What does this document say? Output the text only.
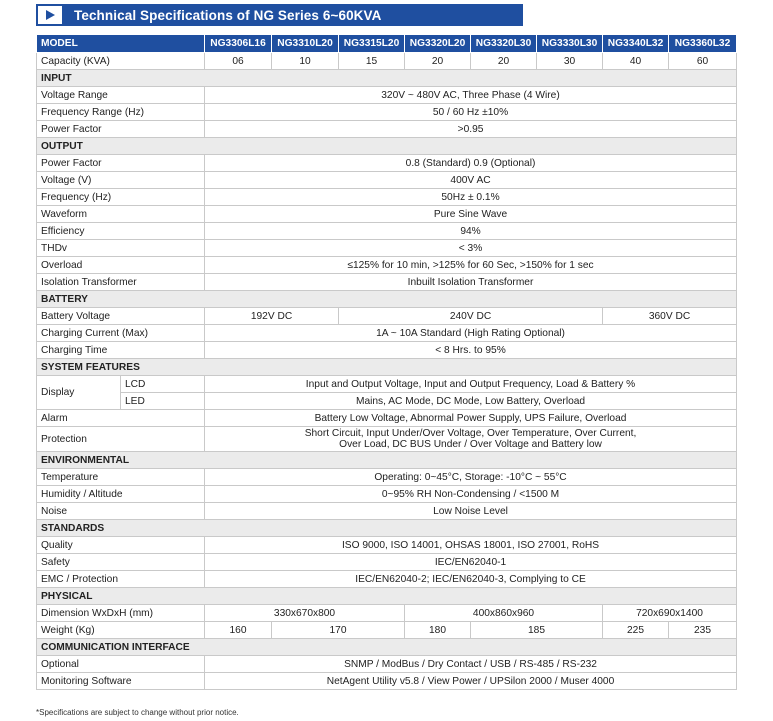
Technical Specifications of NG Series 6~60KVA
MODEL		NG3306L16	NG3310L20	NG3315L20	NG3320L20	NG3320L30	NG3330L30	NG3340L32	NG3360L32
Capacity (KVA)		06	10	15	20	20	30	40	60
INPUT									
Voltage Range		320V ~ 480V AC, Three Phase (4 Wire)							
Frequency Range (Hz)		50 / 60 Hz ±10%							
Power Factor		>0.95							
OUTPUT									
Power Factor		0.8 (Standard) 0.9 (Optional)							
Voltage (V)		400V AC							
Frequency (Hz)		50Hz ± 0.1%							
Waveform		Pure Sine Wave							
Efficiency		94%							
THDv		< 3%							
Overload		≤125% for 10 min, >125% for 60 Sec, >150% for 1 sec							
Isolation Transformer		Inbuilt Isolation Transformer							
BATTERY									
Battery Voltage		192V DC		240V DC				360V DC	
Charging Current (Max)		1A ~ 10A Standard (High Rating Optional)							
Charging Time		< 8 Hrs. to 95%							
SYSTEM FEATURES									
Display	LCD	Input and Output Voltage, Input and Output Frequency, Load & Battery %							
	LED	Mains, AC Mode, DC Mode, Low Battery, Overload							
Alarm		Battery Low Voltage, Abnormal Power Supply, UPS Failure, Overload							
Protection		Short Circuit, Input Under/Over Voltage, Over Temperature, Over Current,
Over Load, DC BUS Under / Over Voltage and Battery low							

ENVIRONMENTAL									
Temperature		Operating: 0~45°C, Storage: -10°C ~ 55°C							
Humidity / Altitude		0~95% RH Non-Condensing / <1500 M							
Noise		Low Noise Level							
STANDARDS									
Quality		ISO 9000, ISO 14001, OHSAS 18001, ISO 27001, RoHS							
Safety		IEC/EN62040-1							
EMC / Protection		IEC/EN62040-2; IEC/EN62040-3, Complying to CE							
PHYSICAL									
Dimension WxDxH (mm)		330x670x800			400x860x960			720x690x1400	
Weight (Kg)		160	170		180	185		225	235
COMMUNICATION INTERFACE									
Optional		SNMP / ModBus / Dry Contact / USB / RS-485 / RS-232							
Monitoring Software		NetAgent Utility v5.8 / View Power / UPSilon 2000 / Muser 4000							
*Specifications are subject to change without prior notice.
